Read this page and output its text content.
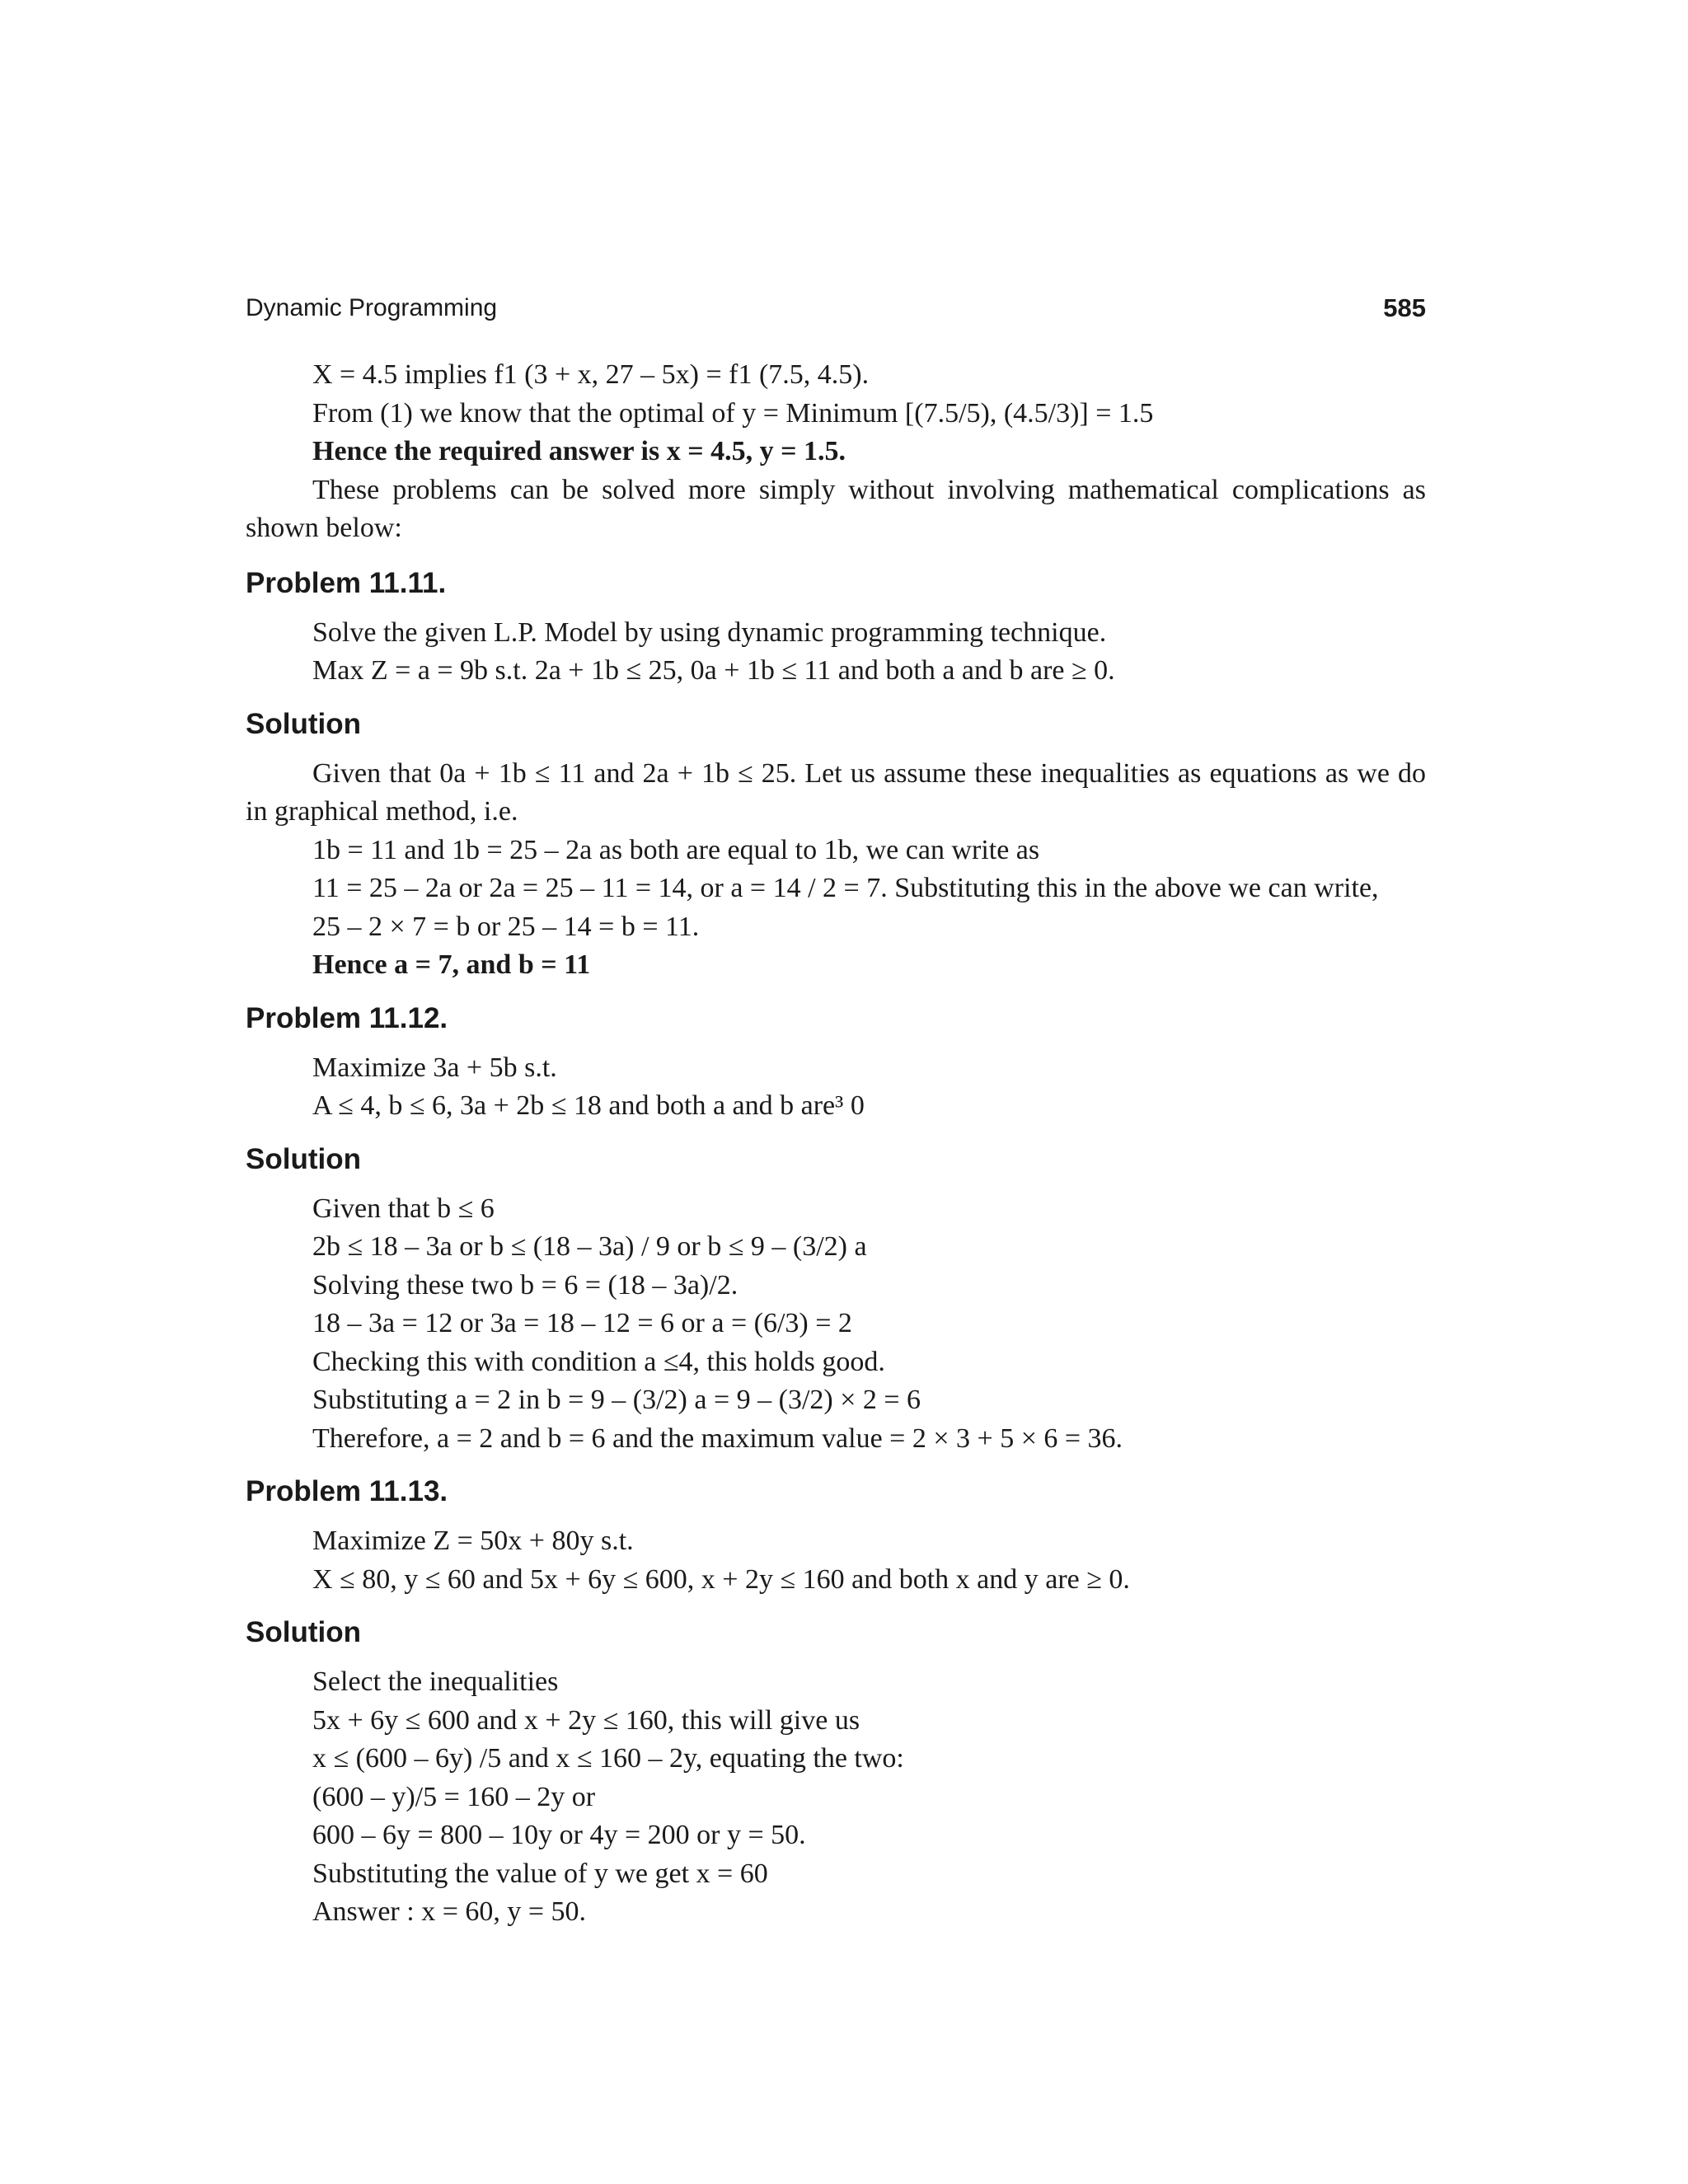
Dynamic Programming	585
X = 4.5 implies f1 (3 + x, 27 – 5x) = f1 (7.5, 4.5).
From (1) we know that the optimal of y = Minimum [(7.5/5), (4.5/3)] = 1.5
Hence the required answer is x = 4.5, y = 1.5.
These problems can be solved more simply without involving mathematical complications as shown below:
Problem 11.11.
Solve the given L.P. Model by using dynamic programming technique.
Max Z = a = 9b s.t. 2a + 1b ≤ 25, 0a + 1b ≤ 11 and both a and b are ≥ 0.
Solution
Given that 0a + 1b ≤ 11 and 2a + 1b ≤ 25. Let us assume these inequalities as equations as we do in graphical method, i.e.
1b = 11 and 1b = 25 – 2a as both are equal to 1b, we can write as
11 = 25 – 2a or 2a = 25 – 11 = 14, or a = 14 / 2 = 7. Substituting this in the above we can write,
25 – 2 × 7 = b or 25 – 14 = b = 11.
Hence a = 7, and b = 11
Problem 11.12.
Maximize 3a + 5b s.t.
A ≤ 4, b ≤ 6, 3a + 2b ≤ 18 and both a and b are³ 0
Solution
Given that b ≤ 6
2b ≤ 18 – 3a or b ≤ (18 – 3a) / 9 or b ≤ 9 – (3/2) a
Solving these two b = 6 = (18 – 3a)/2.
18 – 3a = 12 or 3a = 18 – 12 = 6 or a = (6/3) = 2
Checking this with condition a ≤4, this holds good.
Substituting a = 2 in b = 9 – (3/2) a = 9 – (3/2) × 2 = 6
Therefore, a = 2 and b = 6 and the maximum value = 2 × 3 + 5 × 6 = 36.
Problem 11.13.
Maximize Z = 50x + 80y s.t.
X ≤ 80, y ≤ 60 and 5x + 6y ≤ 600, x + 2y ≤ 160 and both x and y are ≥ 0.
Solution
Select the inequalities
5x + 6y ≤ 600 and x + 2y ≤ 160, this will give us
x ≤ (600 – 6y) /5 and x ≤ 160 – 2y, equating the two:
(600 – y)/5 = 160 – 2y or
600 – 6y = 800 – 10y or 4y = 200 or y = 50.
Substituting the value of y we get x = 60
Answer : x = 60, y = 50.
